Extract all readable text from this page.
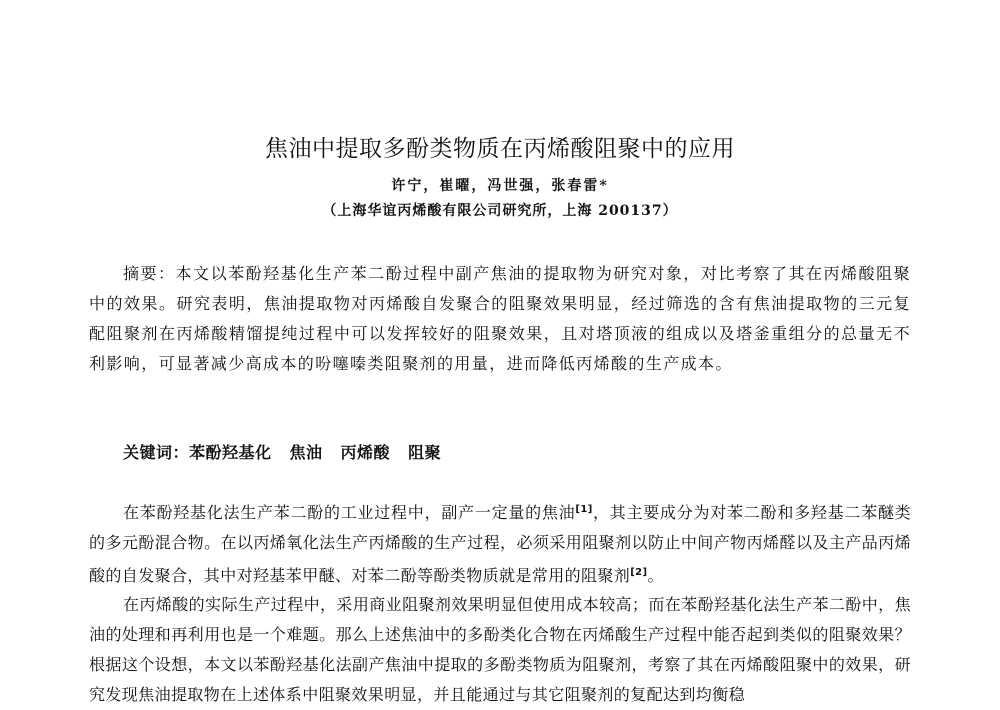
焦油中提取多酚类物质在丙烯酸阻聚中的应用
许宁，崔曜，冯世强，张春雷*
（上海华谊丙烯酸有限公司研究所，上海 200137）

摘要：本文以苯酚羟基化生产苯二酚过程中副产焦油的提取物为研究对象，对比考察了其在丙烯酸阻聚中的效果。研究表明，焦油提取物对丙烯酸自发聚合的阻聚效果明显，经过筛选的含有焦油提取物的三元复配阻聚剂在丙烯酸精馏提纯过程中可以发挥较好的阻聚效果，且对塔顶液的组成以及塔釜重组分的总量无不利影响，可显著减少高成本的吩噻嗪类阻聚剂的用量，进而降低丙烯酸的生产成本。

关键词：苯酚羟基化 焦油 丙烯酸 阻聚

在苯酚羟基化法生产苯二酚的工业过程中，副产一定量的焦油[1]，其主要成分为对苯二酚和多羟基二苯醚类的多元酚混合物。在以丙烯氧化法生产丙烯酸的生产过程，必须采用阻聚剂以防止中间产物丙烯醛以及主产品丙烯酸的自发聚合，其中对羟基苯甲醚、对苯二酚等酚类物质就是常用的阻聚剂[2]。

在丙烯酸的实际生产过程中，采用商业阻聚剂效果明显但使用成本较高；而在苯酚羟基化法生产苯二酚中，焦油的处理和再利用也是一个难题。那么上述焦油中的多酚类化合物在丙烯酸生产过程中能否起到类似的阻聚效果？根据这个设想，本文以苯酚羟基化法副产焦油中提取的多酚类物质为阻聚剂，考察了其在丙烯酸阻聚中的效果，研究发现焦油提取物在上述体系中阻聚效果明显，并且能通过与其它阻聚剂的复配达到均衡稳
